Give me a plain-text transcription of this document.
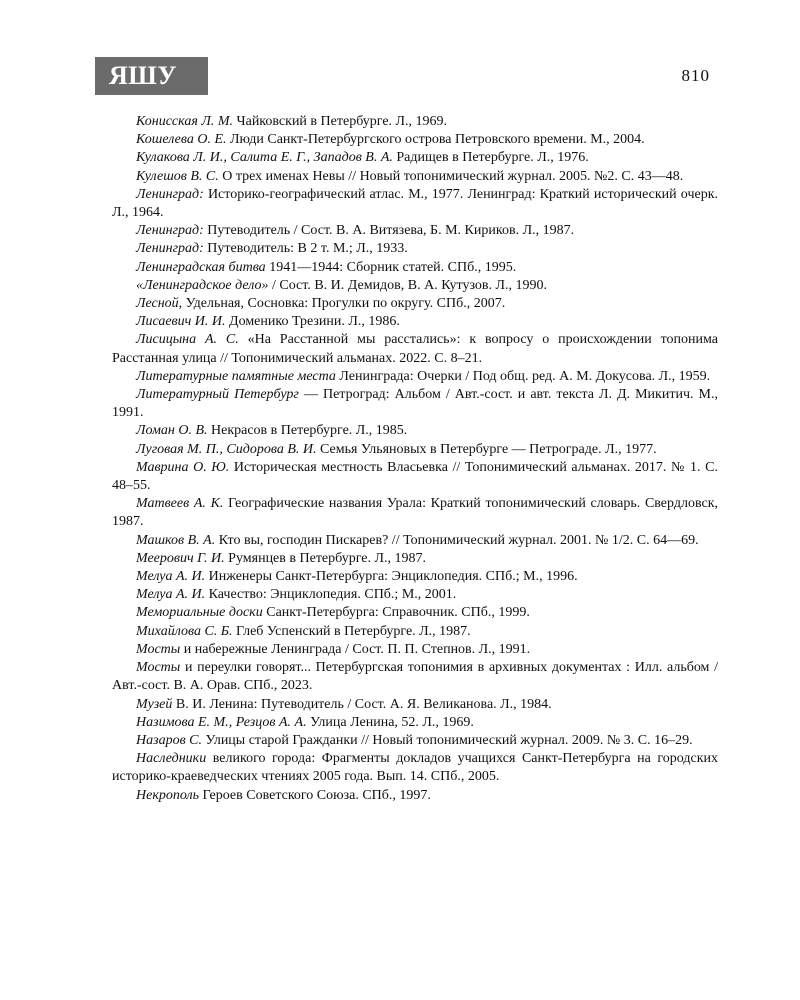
ЯШУ	810
Конисская Л. М. Чайковский в Петербурге. Л., 1969.
Кошелева О. Е. Люди Санкт-Петербургского острова Петровского времени. М., 2004.
Кулакова Л. И., Салита Е. Г., Западов В. А. Радищев в Петербурге. Л., 1976.
Кулешов В. С. О трех именах Невы // Новый топонимический журнал. 2005. №2. С. 43—48.
Ленинград: Историко-географический атлас. М., 1977. Ленинград: Краткий исторический очерк. Л., 1964.
Ленинград: Путеводитель / Сост. В. А. Витязева, Б. М. Кириков. Л., 1987.
Ленинград: Путеводитель: В 2 т. М.; Л., 1933.
Ленинградская битва 1941—1944: Сборник статей. СПб., 1995.
«Ленинградское дело» / Сост. В. И. Демидов, В. А. Кутузов. Л., 1990.
Лесной, Удельная, Сосновка: Прогулки по округу. СПб., 2007.
Лисаевич И. И. Доменико Трезини. Л., 1986.
Лисицына А. С. «На Расстанной мы расстались»: к вопросу о происхождении топонима Расстанная улица // Топонимический альманах. 2022. С. 8–21.
Литературные памятные места Ленинграда: Очерки / Под общ. ред. А. М. Докусова. Л., 1959.
Литературный Петербург — Петроград: Альбом / Авт.-сост. и авт. текста Л. Д. Микитич. М., 1991.
Ломан О. В. Некрасов в Петербурге. Л., 1985.
Луговая М. П., Сидорова В. И. Семья Ульяновых в Петербурге — Петрограде. Л., 1977.
Маврина О. Ю. Историческая местность Власьевка // Топонимический альманах. 2017. № 1. С. 48–55.
Матвеев А. К. Географические названия Урала: Краткий топонимический словарь. Свердловск, 1987.
Машков В. А. Кто вы, господин Пискарев? // Топонимический журнал. 2001. № 1/2. С. 64—69.
Меерович Г. И. Румянцев в Петербурге. Л., 1987.
Мелуа А. И. Инженеры Санкт-Петербурга: Энциклопедия. СПб.; М., 1996.
Мелуа А. И. Качество: Энциклопедия. СПб.; М., 2001.
Мемориальные доски Санкт-Петербурга: Справочник. СПб., 1999.
Михайлова С. Б. Глеб Успенский в Петербурге. Л., 1987.
Мосты и набережные Ленинграда / Сост. П. П. Степнов. Л., 1991.
Мосты и переулки говорят... Петербургская топонимия в архивных документах : Илл. альбом / Авт.-сост. В. А. Орав. СПб., 2023.
Музей В. И. Ленина: Путеводитель / Сост. А. Я. Великанова. Л., 1984.
Назимова Е. М., Резцов А. А. Улица Ленина, 52. Л., 1969.
Назаров С. Улицы старой Гражданки // Новый топонимический журнал. 2009. № 3. С. 16–29.
Наследники великого города: Фрагменты докладов учащихся Санкт-Петербурга на городских историко-краеведческих чтениях 2005 года. Вып. 14. СПб., 2005.
Некрополь Героев Советского Союза. СПб., 1997.
